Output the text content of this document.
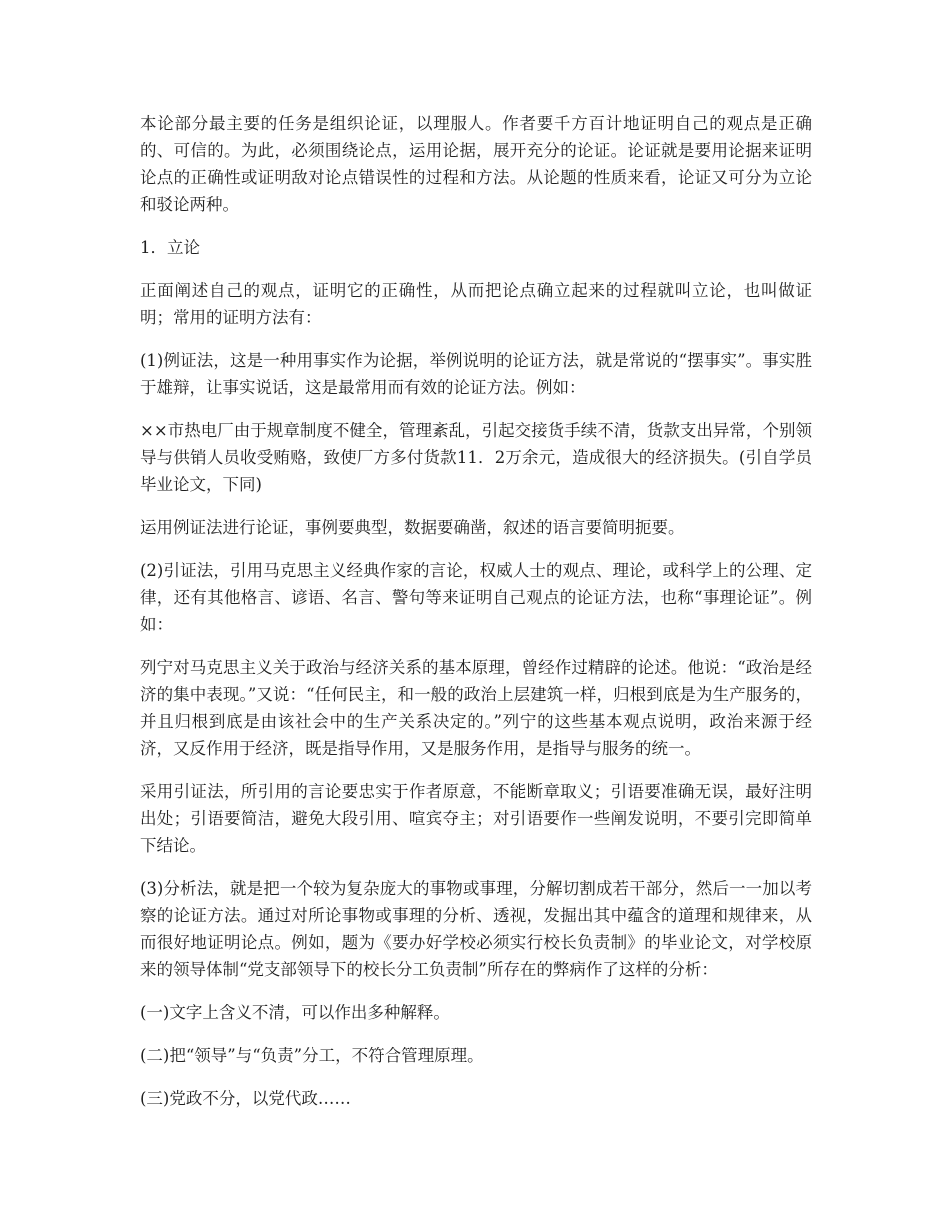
本论部分最主要的任务是组织论证，以理服人。作者要千方百计地证明自己的观点是正确的、可信的。为此，必须围绕论点，运用论据，展开充分的论证。论证就是要用论据来证明论点的正确性或证明敌对论点错误性的过程和方法。从论题的性质来看，论证又可分为立论和驳论两种。

1．立论

正面阐述自己的观点，证明它的正确性，从而把论点确立起来的过程就叫立论，也叫做证明；常用的证明方法有：

(1)例证法，这是一种用事实作为论据，举例说明的论证方法，就是常说的“摆事实”。事实胜于雄辩，让事实说话，这是最常用而有效的论证方法。例如：

××市热电厂由于规章制度不健全，管理紊乱，引起交接货手续不清，货款支出异常，个别领导与供销人员收受贿赂，致使厂方多付货款11．2万余元，造成很大的经济损失。(引自学员毕业论文，下同)

运用例证法进行论证，事例要典型，数据要确凿，叙述的语言要简明扼要。

(2)引证法，引用马克思主义经典作家的言论，权威人士的观点、理论，或科学上的公理、定律，还有其他格言、谚语、名言、警句等来证明自己观点的论证方法，也称“事理论证”。例如：

列宁对马克思主义关于政治与经济关系的基本原理，曾经作过精辟的论述。他说：“政治是经济的集中表现。”又说：“任何民主，和一般的政治上层建筑一样，归根到底是为生产服务的，并且归根到底是由该社会中的生产关系决定的。”列宁的这些基本观点说明，政治来源于经济，又反作用于经济，既是指导作用，又是服务作用，是指导与服务的统一。

采用引证法，所引用的言论要忠实于作者原意，不能断章取义；引语要准确无误，最好注明出处；引语要简洁，避免大段引用、喧宾夺主；对引语要作一些阐发说明，不要引完即简单下结论。

(3)分析法，就是把一个较为复杂庞大的事物或事理，分解切割成若干部分，然后一一加以考察的论证方法。通过对所论事物或事理的分析、透视，发掘出其中蕴含的道理和规律来，从而很好地证明论点。例如，题为《要办好学校必须实行校长负责制》的毕业论文，对学校原来的领导体制“党支部领导下的校长分工负责制”所存在的弊病作了这样的分析：

(一)文字上含义不清，可以作出多种解释。

(二)把“领导”与“负责”分工，不符合管理原理。

(三)党政不分，以党代政……
